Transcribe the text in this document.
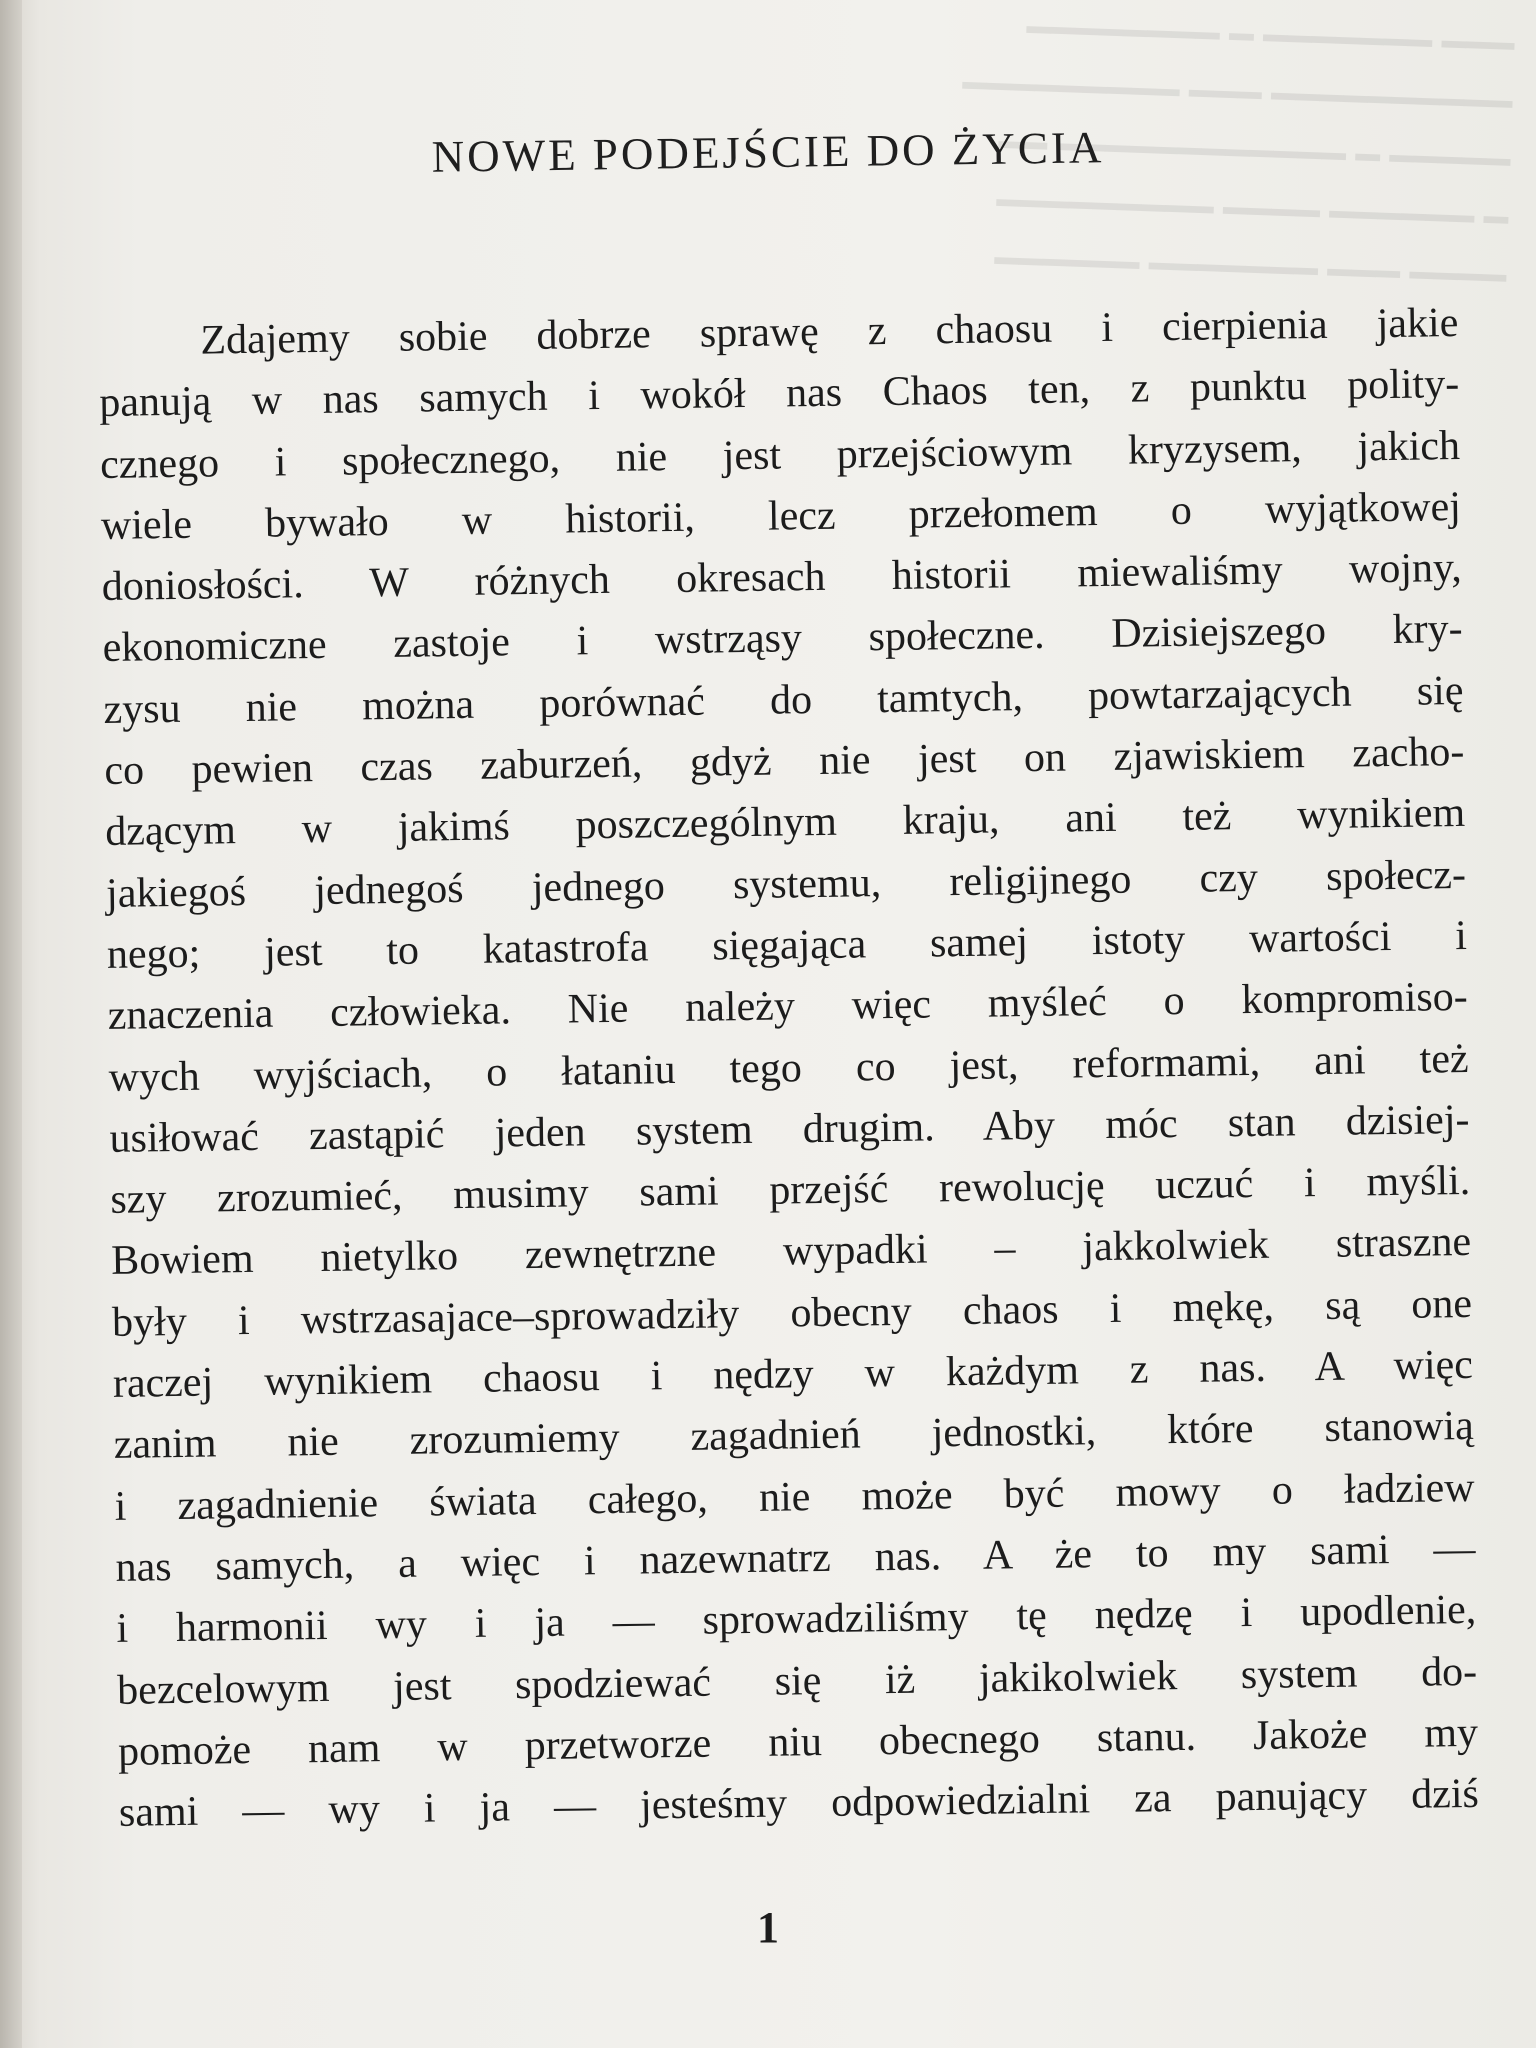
━━━ ━━━━━━━ ━ ━━━━━━━━
━━━━━━━━━━ ━━━ ━━━━━━━━━
━━━━━ ━ ━━━━━━━━━━━━ ━━
━ ━━━━━━ ━━━━ ━━━━━━━━━
━━━━ ━━━ ━━━━━━━ ━━━━━━
NOWE PODEJŚCIE DO ŻYCIA
Zdajemy sobie dobrze sprawę z chaosu i cierpienia jakie
panują w nas samych i wokół nas Chaos ten, z punktu polity-
cznego i społecznego, nie jest przejściowym kryzysem, jakich
wiele bywało w historii, lecz przełomem o wyjątkowej
doniosłości. W różnych okresach historii miewaliśmy wojny,
ekonomiczne zastoje i wstrząsy społeczne. Dzisiejszego kry-
zysu nie można porównać do tamtych, powtarzających się
co pewien czas zaburzeń, gdyż nie jest on zjawiskiem zacho-
dzącym w jakimś poszczególnym kraju, ani też wynikiem
jakiegoś jednegoś jednego systemu, religijnego czy społecz-
nego; jest to katastrofa sięgająca samej istoty wartości i
znaczenia człowieka. Nie należy więc myśleć o kompromiso-
wych wyjściach, o łataniu tego co jest, reformami, ani też
usiłować zastąpić jeden system drugim. Aby móc stan dzisiej-
szy zrozumieć, musimy sami przejść rewolucję uczuć i myśli.
Bowiem nietylko zewnętrzne wypadki – jakkolwiek straszne
były i wstrzasajace–sprowadziły obecny chaos i mękę, są one
raczej wynikiem chaosu i nędzy w każdym z nas. A więc
zanim nie zrozumiemy zagadnień jednostki, które stanowią
i zagadnienie świata całego, nie może być mowy o ładziew
nas samych, a więc i nazewnatrz nas. A że to my sami —
i harmonii wy i ja — sprowadziliśmy tę nędzę i upodlenie,
bezcelowym jest spodziewać się iż jakikolwiek system do-
pomoże nam w przetworze niu obecnego stanu. Jakoże my
sami — wy i ja — jesteśmy odpowiedzialni za panujący dziś
1
